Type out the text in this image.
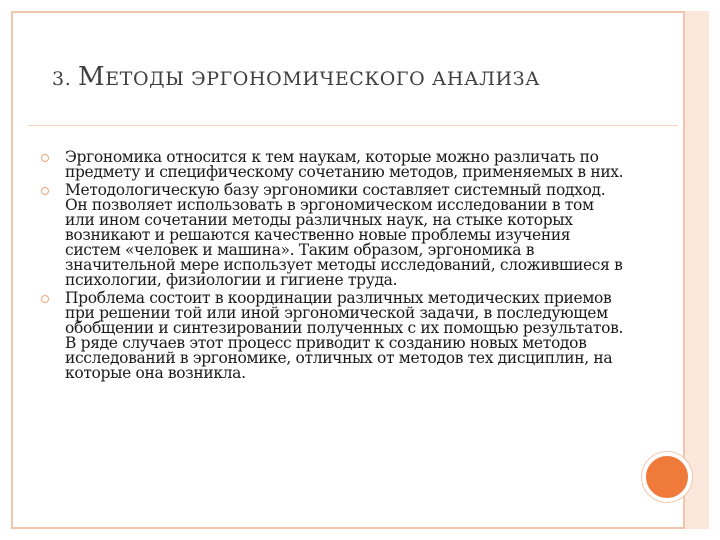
3. МЕТОДЫ ЭРГОНОМИЧЕСКОГО АНАЛИЗА
Эргономика относится к тем наукам, которые можно различать по предмету и специфическому сочетанию методов, применяемых в них.
Методологическую базу эргономики составляет системный подход. Он позволяет использовать в эргономическом исследовании в том или ином сочетании методы различных наук, на стыке которых возникают и решаются качественно новые проблемы изучения систем «человек и машина». Таким образом, эргономика в значительной мере использует методы исследований, сложившиеся в психологии, физиологии и гигиене труда.
Проблема состоит в координации различных методических приемов при решении той или иной эргономической задачи, в последующем обобщении и синтезировании полученных с их помощью результатов. В ряде случаев этот процесс приводит к созданию новых методов исследований в эргономике, отличных от методов тех дисциплин, на которые она возникла.
